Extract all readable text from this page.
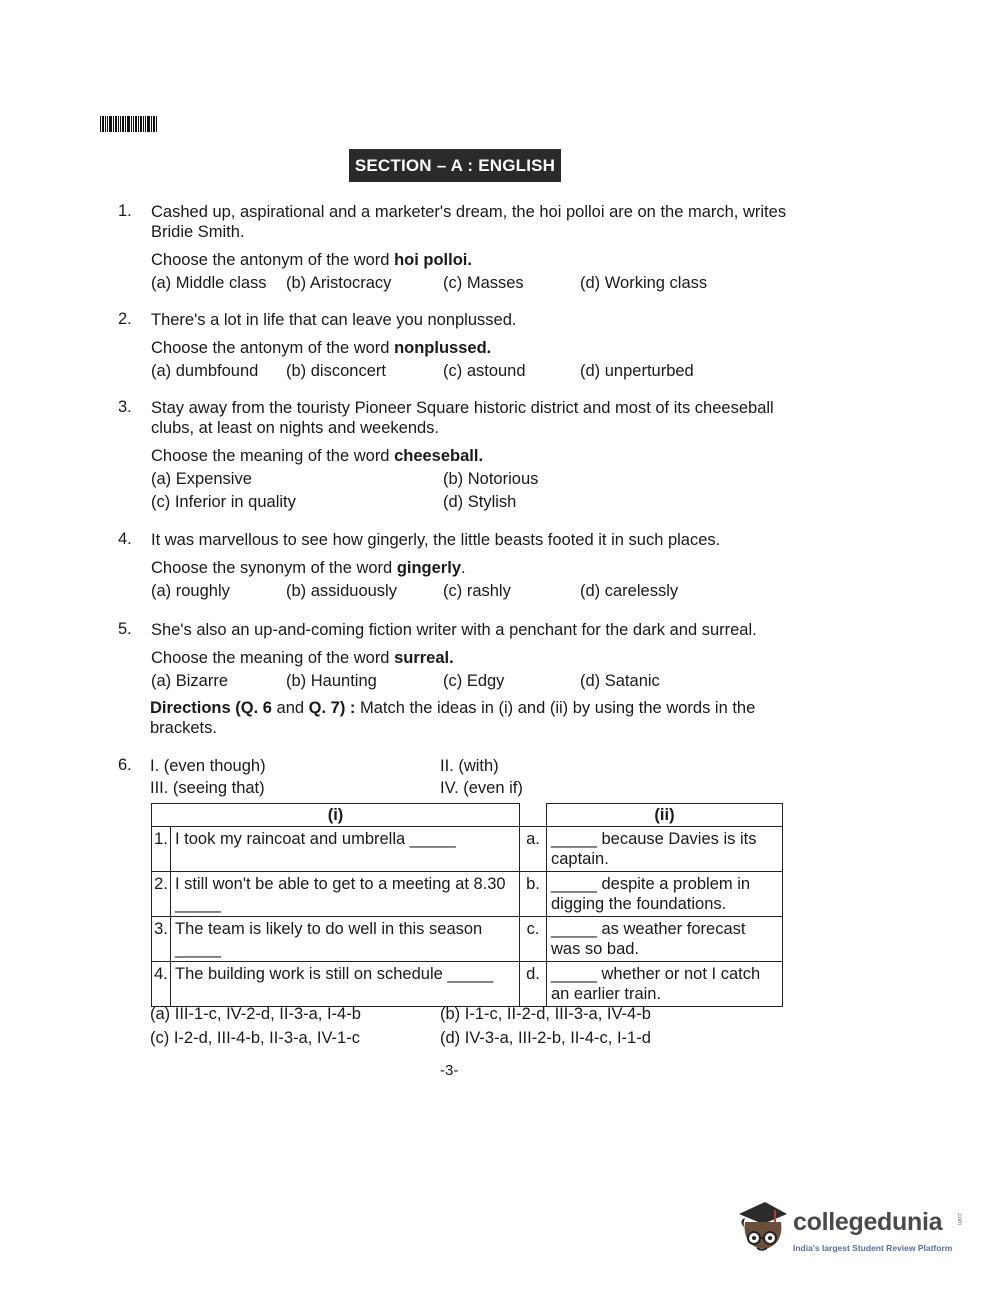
SECTION – A : ENGLISH
1.	Cashed up, aspirational and a marketer's dream, the hoi polloi are on the march, writes Bridie Smith.

Choose the antonym of the word hoi polloi.

(a) Middle class	(b) Aristocracy	(c) Masses	(d) Working class
2.	There's a lot in life that can leave you nonplussed.

Choose the antonym of the word nonplussed.

(a) dumbfound	(b) disconcert	(c) astound	(d) unperturbed
3.	Stay away from the touristy Pioneer Square historic district and most of its cheeseball clubs, at least on nights and weekends.

Choose the meaning of the word cheeseball.

(a) Expensive	(b) Notorious
(c) Inferior in quality	(d) Stylish
4.	It was marvellous to see how gingerly, the little beasts footed it in such places.

Choose the synonym of the word gingerly.

(a) roughly	(b) assiduously	(c) rashly	(d) carelessly
5.	She's also an up-and-coming fiction writer with a penchant for the dark and surreal.

Choose the meaning of the word surreal.

(a) Bizarre	(b) Haunting	(c) Edgy	(d) Satanic
Directions (Q. 6 and Q. 7) : Match the ideas in (i) and (ii) by using the words in the brackets.
6. I. (even though)	II. (with)
III. (seeing that)	IV. (even if)
(i)			(ii)
1.	I took my raincoat and umbrella _____	a.	_____ because Davies is its captain.
2.	I still won't be able to get to a meeting at 8.30 _____	b.	_____ despite a problem in digging the foundations.
3.	The team is likely to do well in this season _____	c.	_____ as weather forecast was so bad.
4.	The building work is still on schedule _____	d.	_____ whether or not I catch an earlier train.
(a) III-1-c, IV-2-d, II-3-a, I-4-b	(b) I-1-c, II-2-d, III-3-a, IV-4-b
(c) I-2-d, III-4-b, II-3-a, IV-1-c	(d) IV-3-a, III-2-b, II-4-c, I-1-d
-3-
collegedunia .com
India's largest Student Review Platform
